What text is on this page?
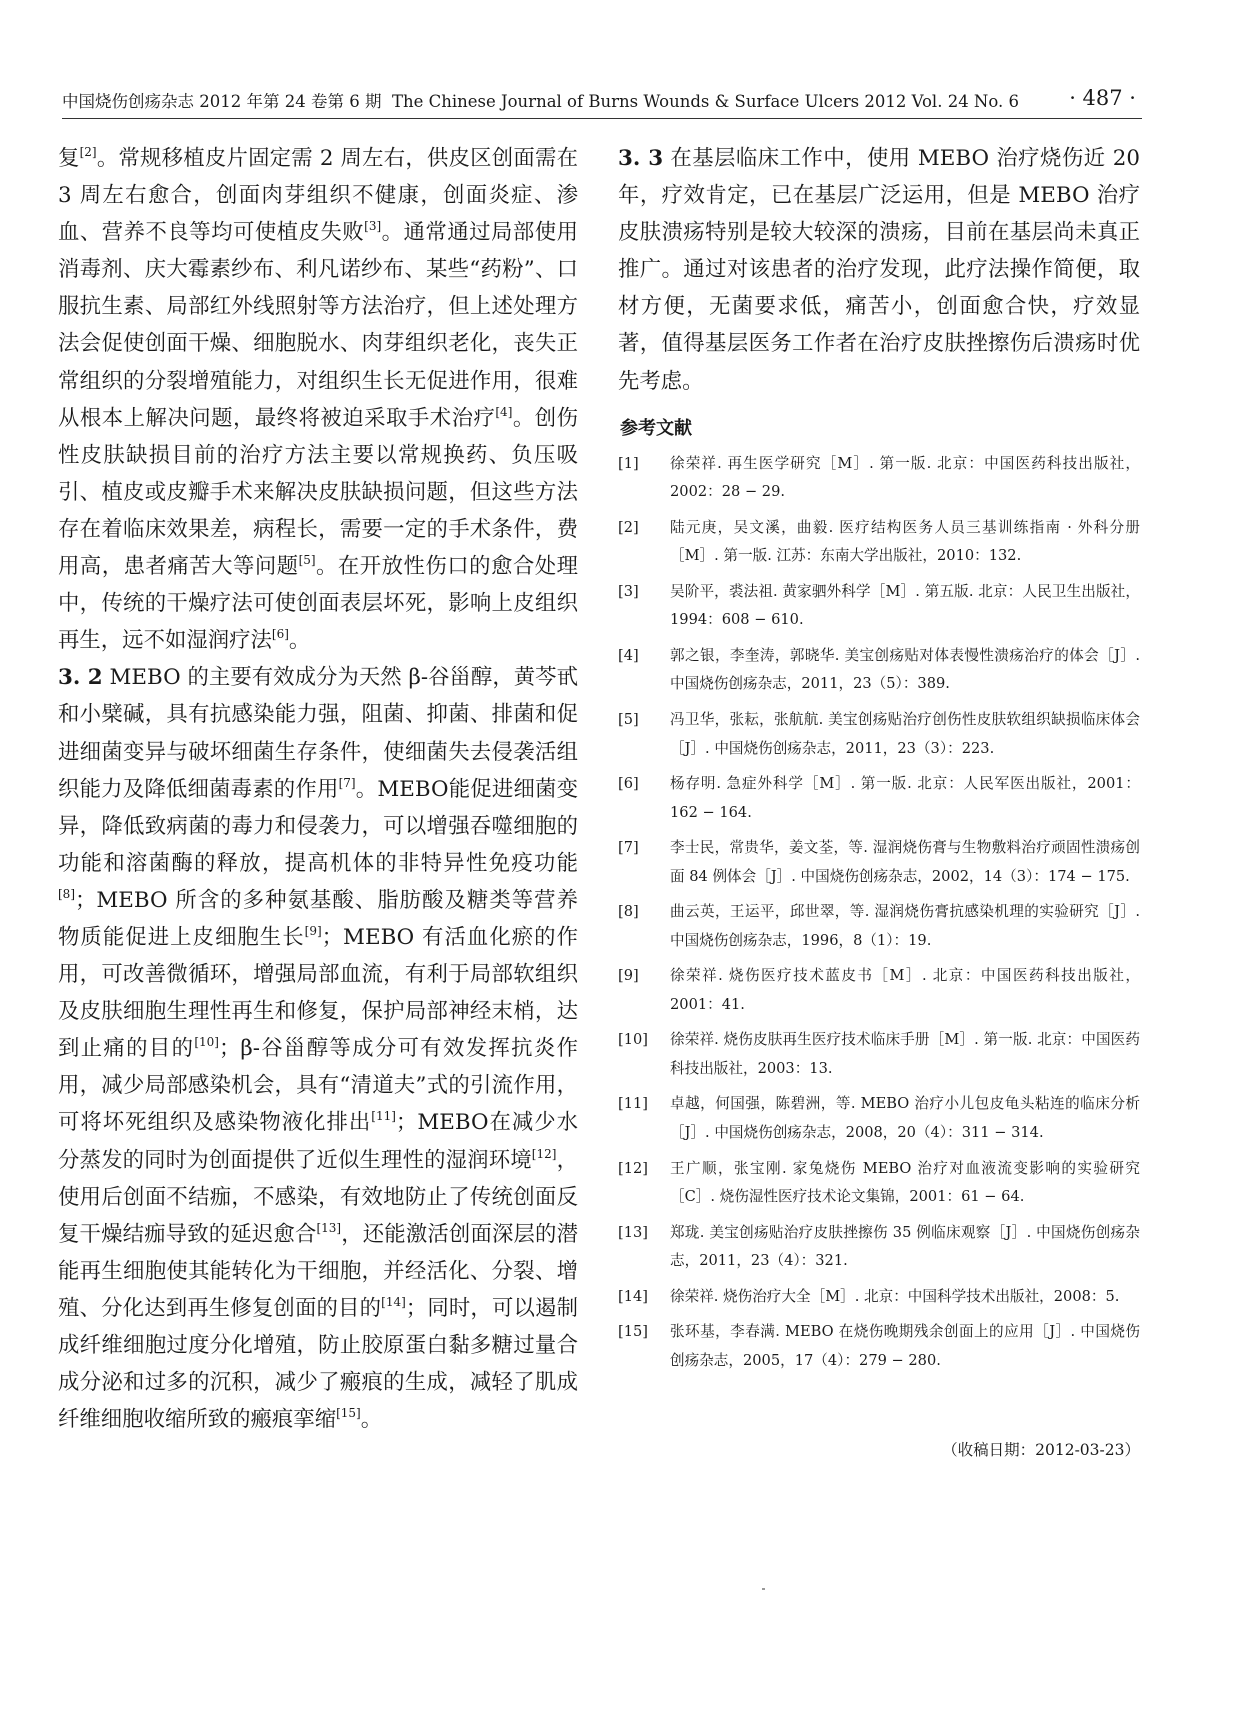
中国烧伤创疡杂志 2012 年第 24 卷第 6 期 The Chinese Journal of Burns Wounds & Surface Ulcers 2012 Vol. 24 No. 6 · 487 ·

复[2]。常规移植皮片固定需 2 周左右，供皮区创面需在 3 周左右愈合，创面肉芽组织不健康，创面炎症、渗血、营养不良等均可使植皮失败[3]。通常通过局部使用消毒剂、庆大霉素纱布、利凡诺纱布、某些“药粉”、口服抗生素、局部红外线照射等方法治疗，但上述处理方法会促使创面干燥、细胞脱水、肉芽组织老化，丧失正常组织的分裂增殖能力，对组织生长无促进作用，很难从根本上解决问题，最终将被迫采取手术治疗[4]。创伤性皮肤缺损目前的治疗方法主要以常规换药、负压吸引、植皮或皮瓣手术来解决皮肤缺损问题，但这些方法存在着临床效果差，病程长，需要一定的手术条件，费用高，患者痛苦大等问题[5]。在开放性伤口的愈合处理中，传统的干燥疗法可使创面表层坏死，影响上皮组织再生，远不如湿润疗法[6]。

3. 2 MEBO 的主要有效成分为天然 β-谷甾醇，黄芩甙和小檗碱，具有抗感染能力强，阻菌、抑菌、排菌和促进细菌变异与破坏细菌生存条件，使细菌失去侵袭活组织能力及降低细菌毒素的作用[7]。MEBO能促进细菌变异，降低致病菌的毒力和侵袭力，可以增强吞噬细胞的功能和溶菌酶的释放，提高机体的非特异性免疫功能[8]；MEBO 所含的多种氨基酸、脂肪酸及糖类等营养物质能促进上皮细胞生长[9]；MEBO 有活血化瘀的作用，可改善微循环，增强局部血流，有利于局部软组织及皮肤细胞生理性再生和修复，保护局部神经末梢，达到止痛的目的[10]；β-谷甾醇等成分可有效发挥抗炎作用，减少局部感染机会，具有“清道夫”式的引流作用，可将坏死组织及感染物液化排出[11]；MEBO在减少水分蒸发的同时为创面提供了近似生理性的湿润环境[12]，使用后创面不结痂，不感染，有效地防止了传统创面反复干燥结痂导致的延迟愈合[13]，还能激活创面深层的潜能再生细胞使其能转化为干细胞，并经活化、分裂、增殖、分化达到再生修复创面的目的[14]；同时，可以遏制成纤维细胞过度分化增殖，防止胶原蛋白黏多糖过量合成分泌和过多的沉积，减少了瘢痕的生成，减轻了肌成纤维细胞收缩所致的瘢痕挛缩[15]。

3. 3 在基层临床工作中，使用 MEBO 治疗烧伤近 20 年，疗效肯定，已在基层广泛运用，但是 MEBO 治疗皮肤溃疡特别是较大较深的溃疡，目前在基层尚未真正推广。通过对该患者的治疗发现，此疗法操作简便，取材方便，无菌要求低，痛苦小，创面愈合快，疗效显著，值得基层医务工作者在治疗皮肤挫擦伤后溃疡时优先考虑。

参考文献
[1]	徐荣祥. 再生医学研究［M］. 第一版. 北京：中国医药科技出版社，2002：28 − 29.
[2]	陆元庚，吴文溪，曲毅. 医疗结构医务人员三基训练指南 · 外科分册［M］. 第一版. 江苏：东南大学出版社，2010：132.
[3]	吴阶平，裘法祖. 黄家驷外科学［M］. 第五版. 北京：人民卫生出版社，1994：608 − 610.
[4]	郭之银，李奎涛，郭晓华. 美宝创疡贴对体表慢性溃疡治疗的体会［J］. 中国烧伤创疡杂志，2011，23（5）：389.
[5]	冯卫华，张耘，张航航. 美宝创疡贴治疗创伤性皮肤软组织缺损临床体会［J］. 中国烧伤创疡杂志，2011，23（3）：223.
[6]	杨存明. 急症外科学［M］. 第一版. 北京：人民军医出版社，2001：162 − 164.
[7]	李士民，常贵华，姜文荃，等. 湿润烧伤膏与生物敷料治疗顽固性溃疡创面 84 例体会［J］. 中国烧伤创疡杂志，2002，14（3）：174 − 175.
[8]	曲云英，王运平，邱世翠，等. 湿润烧伤膏抗感染机理的实验研究［J］. 中国烧伤创疡杂志，1996，8（1）：19.
[9]	徐荣祥. 烧伤医疗技术蓝皮书［M］. 北京：中国医药科技出版社，2001：41.
[10]	徐荣祥. 烧伤皮肤再生医疗技术临床手册［M］. 第一版. 北京：中国医药科技出版社，2003：13.
[11]	卓越，何国强，陈碧洲，等. MEBO 治疗小儿包皮龟头粘连的临床分析［J］. 中国烧伤创疡杂志，2008，20（4）：311 − 314.
[12]	王广顺，张宝刚. 家兔烧伤 MEBO 治疗对血液流变影响的实验研究［C］. 烧伤湿性医疗技术论文集锦，2001：61 − 64.
[13]	郑珑. 美宝创疡贴治疗皮肤挫擦伤 35 例临床观察［J］. 中国烧伤创疡杂志，2011，23（4）：321.
[14]	徐荣祥. 烧伤治疗大全［M］. 北京：中国科学技术出版社，2008：5.
[15]	张环基，李春满. MEBO 在烧伤晚期残余创面上的应用［J］. 中国烧伤创疡杂志，2005，17（4）：279 − 280.
（收稿日期：2012-03-23）
